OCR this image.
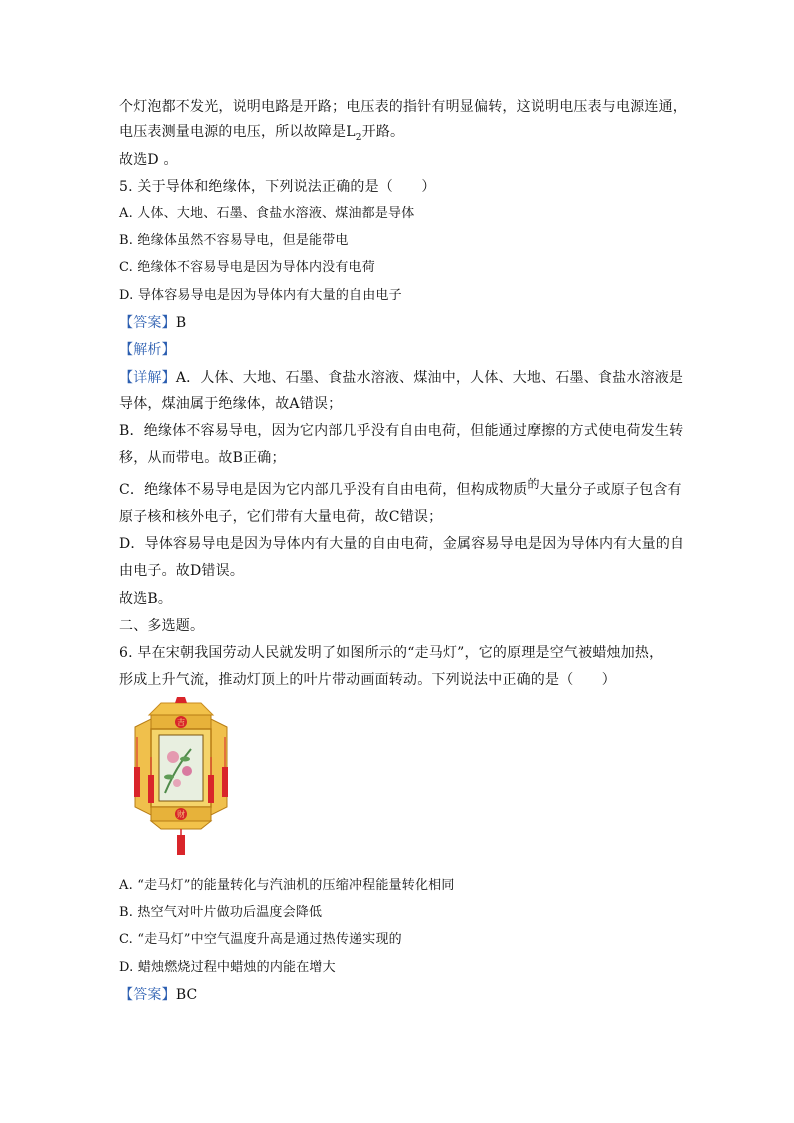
个灯泡都不发光，说明电路是开路；电压表的指针有明显偏转，这说明电压表与电源连通，
电压表测量电源的电压，所以故障是$L_2$开路。
故选D 。
5. 关于导体和绝缘体，下列说法正确的是（　　）
A. 人体、大地、石墨、食盐水溶液、煤油都是导体
B. 绝缘体虽然不容易导电，但是能带电
C. 绝缘体不容易导电是因为导体内没有电荷
D. 导体容易导电是因为导体内有大量的自由电子
【答案】B
【解析】
【详解】A．人体、大地、石墨、食盐水溶液、煤油中，人体、大地、石墨、食盐水溶液是
导体，煤油属于绝缘体，故A错误；
B．绝缘体不容易导电，因为它内部几乎没有自由电荷，但能通过摩擦的方式使电荷发生转
移，从而带电。故B正确；
C．绝缘体不易导电是因为它内部几乎没有自由电荷，但构成物质的大量分子或原子包含有
原子核和核外电子，它们带有大量电荷，故C错误；
D．导体容易导电是因为导体内有大量的自由电荷，金属容易导电是因为导体内有大量的自
由电子。故D错误。
故选B。
二、多选题。
6. 早在宋朝我国劳动人民就发明了如图所示的“走马灯”，它的原理是空气被蜡烛加热，
形成上升气流，推动灯顶上的叶片带动画面转动。下列说法中正确的是（　　）
吉
财
A. “走马灯”的能量转化与汽油机的压缩冲程能量转化相同
B. 热空气对叶片做功后温度会降低
C. “走马灯”中空气温度升高是通过热传递实现的
D. 蜡烛燃烧过程中蜡烛的内能在增大
【答案】BC
